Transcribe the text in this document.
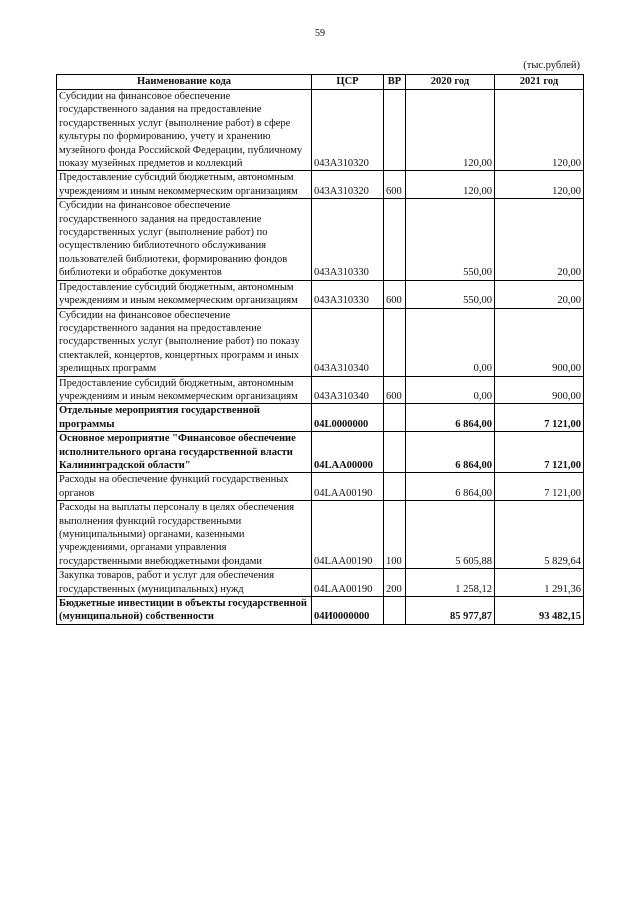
59
(тыс.рублей)
Наименование кода	ЦСР	ВР	2020 год	2021 год
Субсидии на финансовое обеспечение государственного задания на предоставление государственных услуг (выполнение работ) в сфере культуры по формированию, учету и хранению музейного фонда Российской Федерации, публичному показу музейных предметов и коллекций	043A310320		120,00	120,00
Предоставление субсидий бюджетным, автономным учреждениям и иным некоммерческим организациям	043A310320	600	120,00	120,00
Субсидии на финансовое обеспечение государственного задания на предоставление государственных услуг (выполнение работ) по осуществлению библиотечного обслуживания пользователей библиотеки, формированию фондов библиотеки и обработке документов	043A310330		550,00	20,00
Предоставление субсидий бюджетным, автономным учреждениям и иным некоммерческим организациям	043A310330	600	550,00	20,00
Субсидии на финансовое обеспечение государственного задания на предоставление государственных услуг (выполнение работ) по показу спектаклей, концертов, концертных программ и иных зрелищных программ	043A310340		0,00	900,00
Предоставление субсидий бюджетным, автономным учреждениям и иным некоммерческим организациям	043A310340	600	0,00	900,00
Отдельные мероприятия государственной программы	04L0000000		6 864,00	7 121,00
Основное мероприятие "Финансовое обеспечение исполнительного органа государственной власти Калининградской области"	04LAA00000		6 864,00	7 121,00
Расходы на обеспечение функций государственных органов	04LAA00190		6 864,00	7 121,00
Расходы на выплаты персоналу в целях обеспечения выполнения функций государственными (муниципальными) органами, казенными учреждениями, органами управления государственными внебюджетными фондами	04LAA00190	100	5 605,88	5 829,64
Закупка товаров, работ и услуг для обеспечения государственных (муниципальных) нужд	04LAA00190	200	1 258,12	1 291,36
Бюджетные инвестиции в объекты государственной (муниципальной) собственности	04И0000000		85 977,87	93 482,15
